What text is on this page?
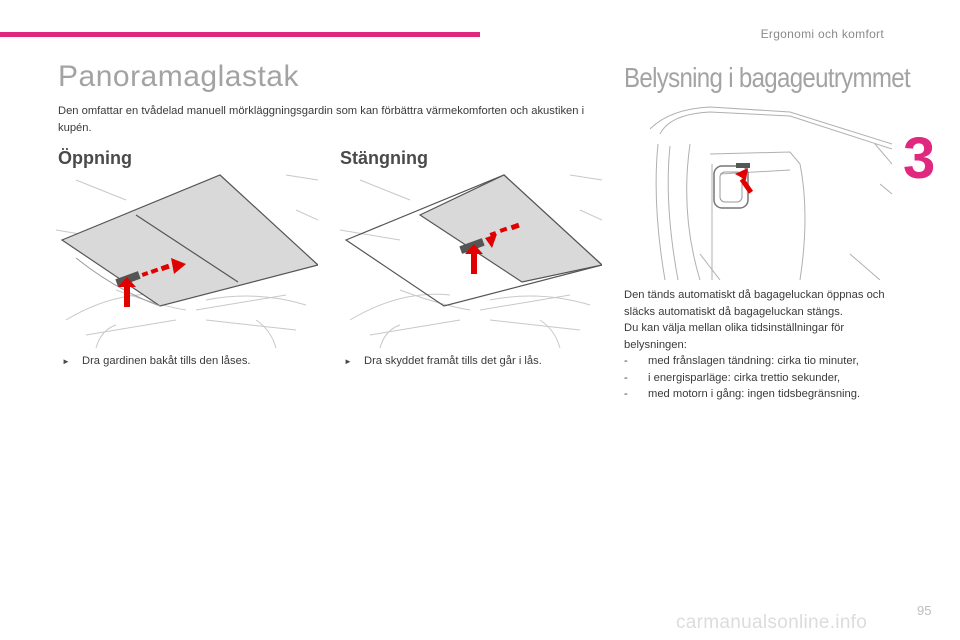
Ergonomi och komfort
3
Panoramaglastak
Den omfattar en tvådelad manuell mörkläggningsgardin som kan förbättra värmekomforten och akustiken i kupén.
Öppning	Stängning
► Dra gardinen bakåt tills den låses.	► Dra skyddet framåt tills det går i lås.
Belysning i bagageutrymmet

Den tänds automatiskt då bagageluckan öppnas och släcks automatiskt då bagageluckan stängs.

Du kan välja mellan olika tidsinställningar för belysningen:

-	med frånslagen tändning: cirka tio minuter,
-	i energisparläge: cirka trettio sekunder,
-	med motorn i gång: ingen tidsbegränsning.
95
carmanualsonline.info
